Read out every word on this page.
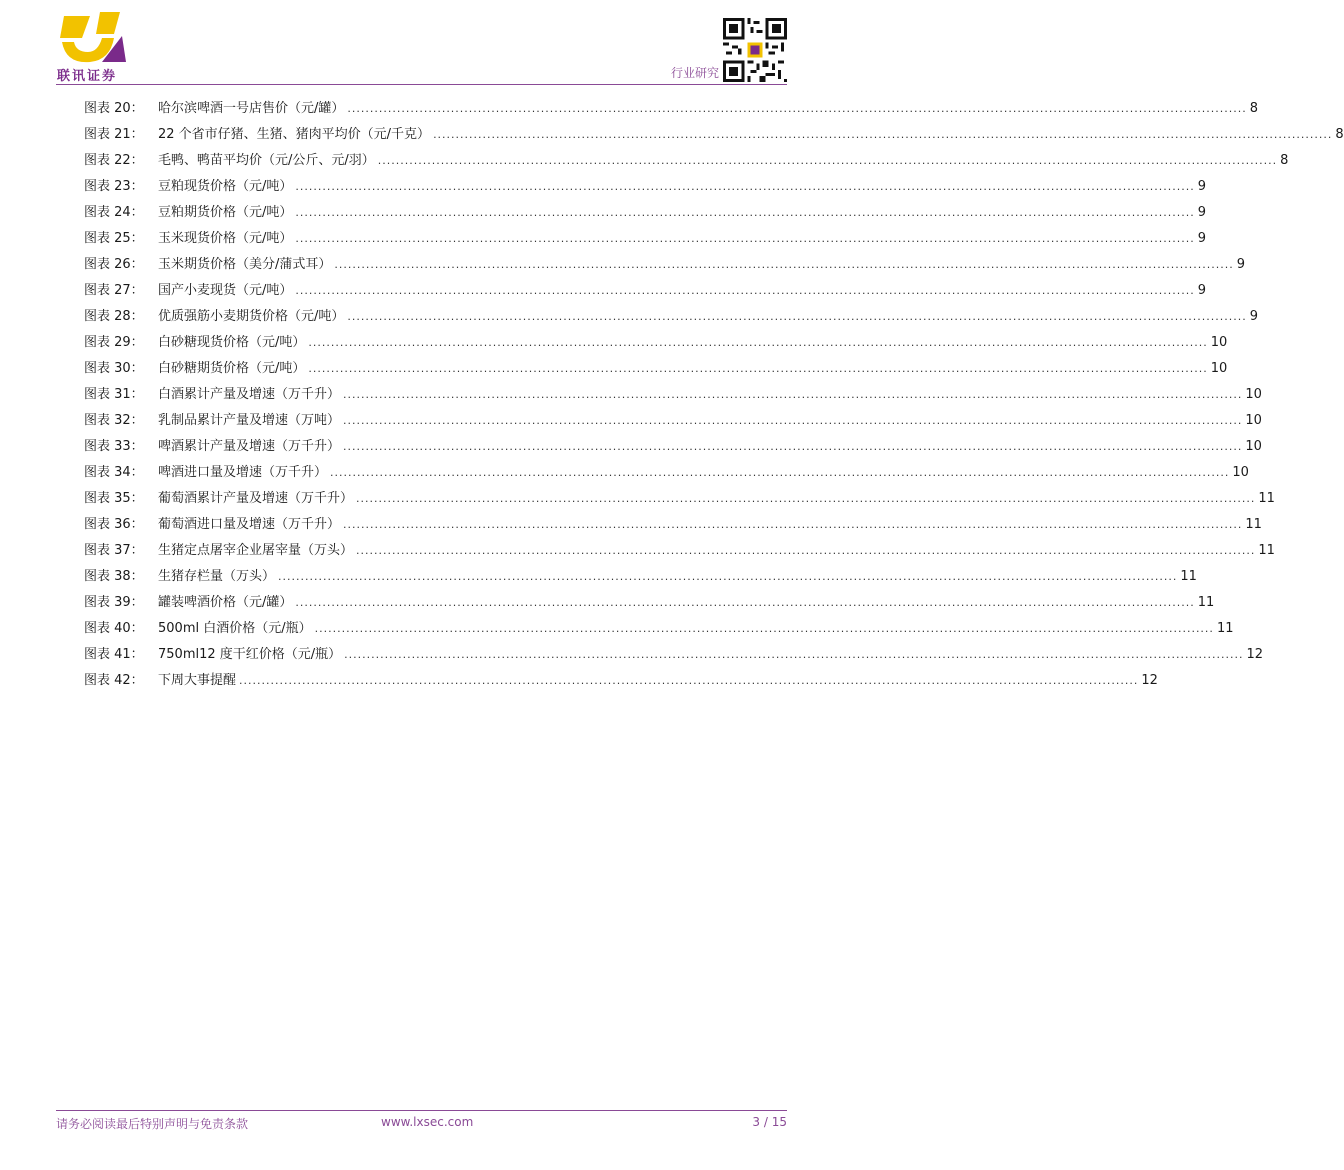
联讯证券	行业研究
图表 20：	哈尔滨啤酒一号店售价（元/罐） ........................................................................................................................................................................................................ 8
图表 21：	22 个省市仔猪、生猪、猪肉平均价（元/千克） ........................................................................................................................................................................................................ 8
图表 22：	毛鸭、鸭苗平均价（元/公斤、元/羽） ........................................................................................................................................................................................................ 8
图表 23：	豆粕现货价格（元/吨） ........................................................................................................................................................................................................ 9
图表 24：	豆粕期货价格（元/吨） ........................................................................................................................................................................................................ 9
图表 25：	玉米现货价格（元/吨） ........................................................................................................................................................................................................ 9
图表 26：	玉米期货价格（美分/蒲式耳） ........................................................................................................................................................................................................ 9
图表 27：	国产小麦现货（元/吨） ........................................................................................................................................................................................................ 9
图表 28：	优质强筋小麦期货价格（元/吨） ........................................................................................................................................................................................................ 9
图表 29：	白砂糖现货价格（元/吨） ........................................................................................................................................................................................................ 10
图表 30：	白砂糖期货价格（元/吨） ........................................................................................................................................................................................................ 10
图表 31：	白酒累计产量及增速（万千升） ........................................................................................................................................................................................................ 10
图表 32：	乳制品累计产量及增速（万吨） ........................................................................................................................................................................................................ 10
图表 33：	啤酒累计产量及增速（万千升） ........................................................................................................................................................................................................ 10
图表 34：	啤酒进口量及增速（万千升） ........................................................................................................................................................................................................ 10
图表 35：	葡萄酒累计产量及增速（万千升） ........................................................................................................................................................................................................ 11
图表 36：	葡萄酒进口量及增速（万千升） ........................................................................................................................................................................................................ 11
图表 37：	生猪定点屠宰企业屠宰量（万头） ........................................................................................................................................................................................................ 11
图表 38：	生猪存栏量（万头） ........................................................................................................................................................................................................ 11
图表 39：	罐装啤酒价格（元/罐） ........................................................................................................................................................................................................ 11
图表 40：	500ml 白酒价格（元/瓶） ........................................................................................................................................................................................................ 11
图表 41：	750ml12 度干红价格（元/瓶） ........................................................................................................................................................................................................ 12
图表 42：	下周大事提醒 ........................................................................................................................................................................................................ 12
请务必阅读最后特别声明与免责条款	www.lxsec.com	3 / 15
